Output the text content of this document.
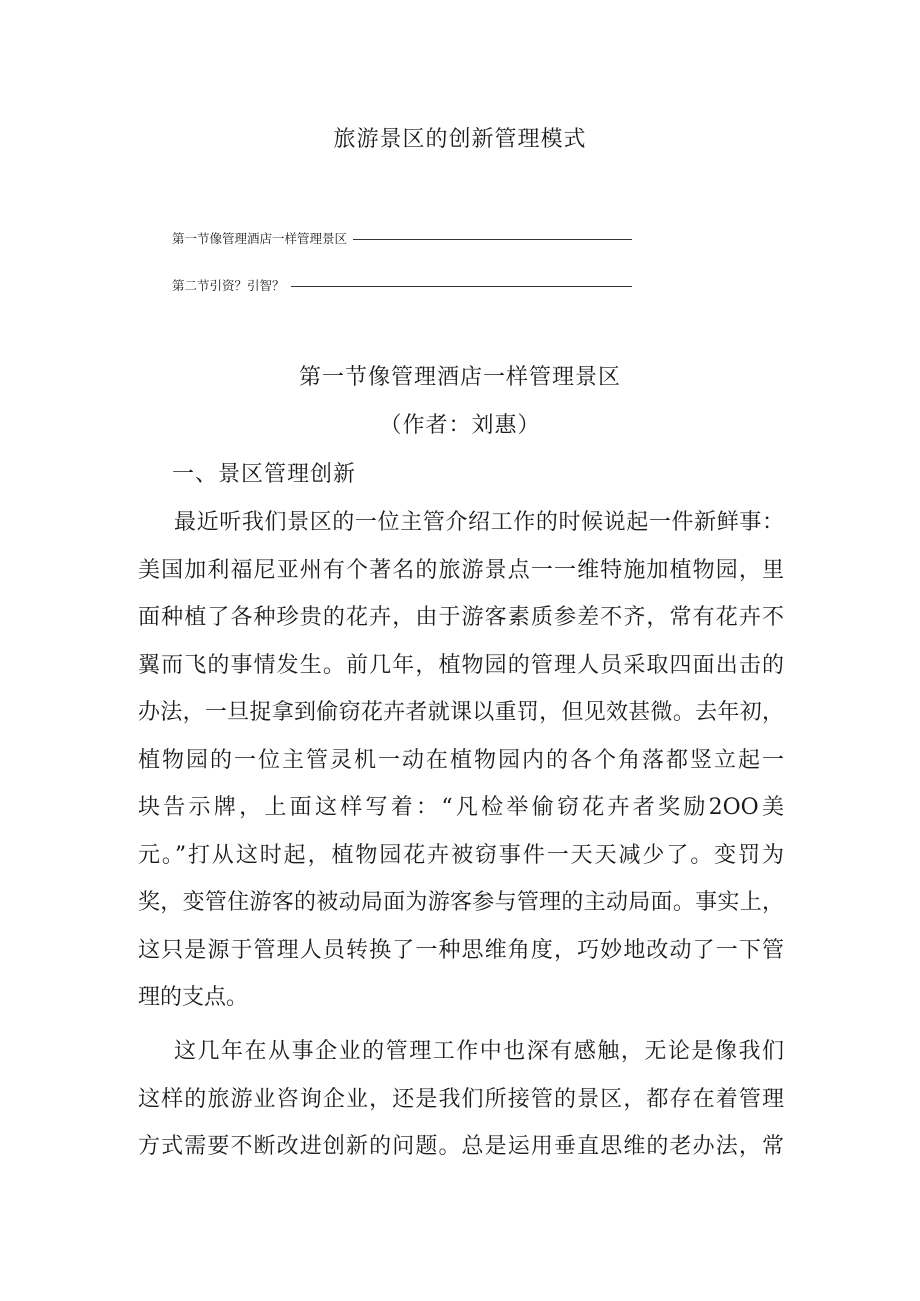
旅游景区的创新管理模式
第一节像管理酒店一样管理景区
第二节引资？引智？
第一节像管理酒店一样管理景区
（作者：刘惠）
一、景区管理创新
最近听我们景区的一位主管介绍工作的时候说起一件新鲜事：
美国加利福尼亚州有个著名的旅游景点一一维特施加植物园，里
面种植了各种珍贵的花卉，由于游客素质参差不齐，常有花卉不
翼而飞的事情发生。前几年，植物园的管理人员采取四面出击的
办法，一旦捉拿到偷窃花卉者就课以重罚，但见效甚微。去年初，
植物园的一位主管灵机一动在植物园内的各个角落都竖立起一
块告示牌，上面这样写着：“凡检举偷窃花卉者奖励2OO美
元。”打从这时起，植物园花卉被窃事件一天天减少了。变罚为
奖，变管住游客的被动局面为游客参与管理的主动局面。事实上，
这只是源于管理人员转换了一种思维角度，巧妙地改动了一下管
理的支点。
这几年在从事企业的管理工作中也深有感触，无论是像我们
这样的旅游业咨询企业，还是我们所接管的景区，都存在着管理
方式需要不断改进创新的问题。总是运用垂直思维的老办法，常
